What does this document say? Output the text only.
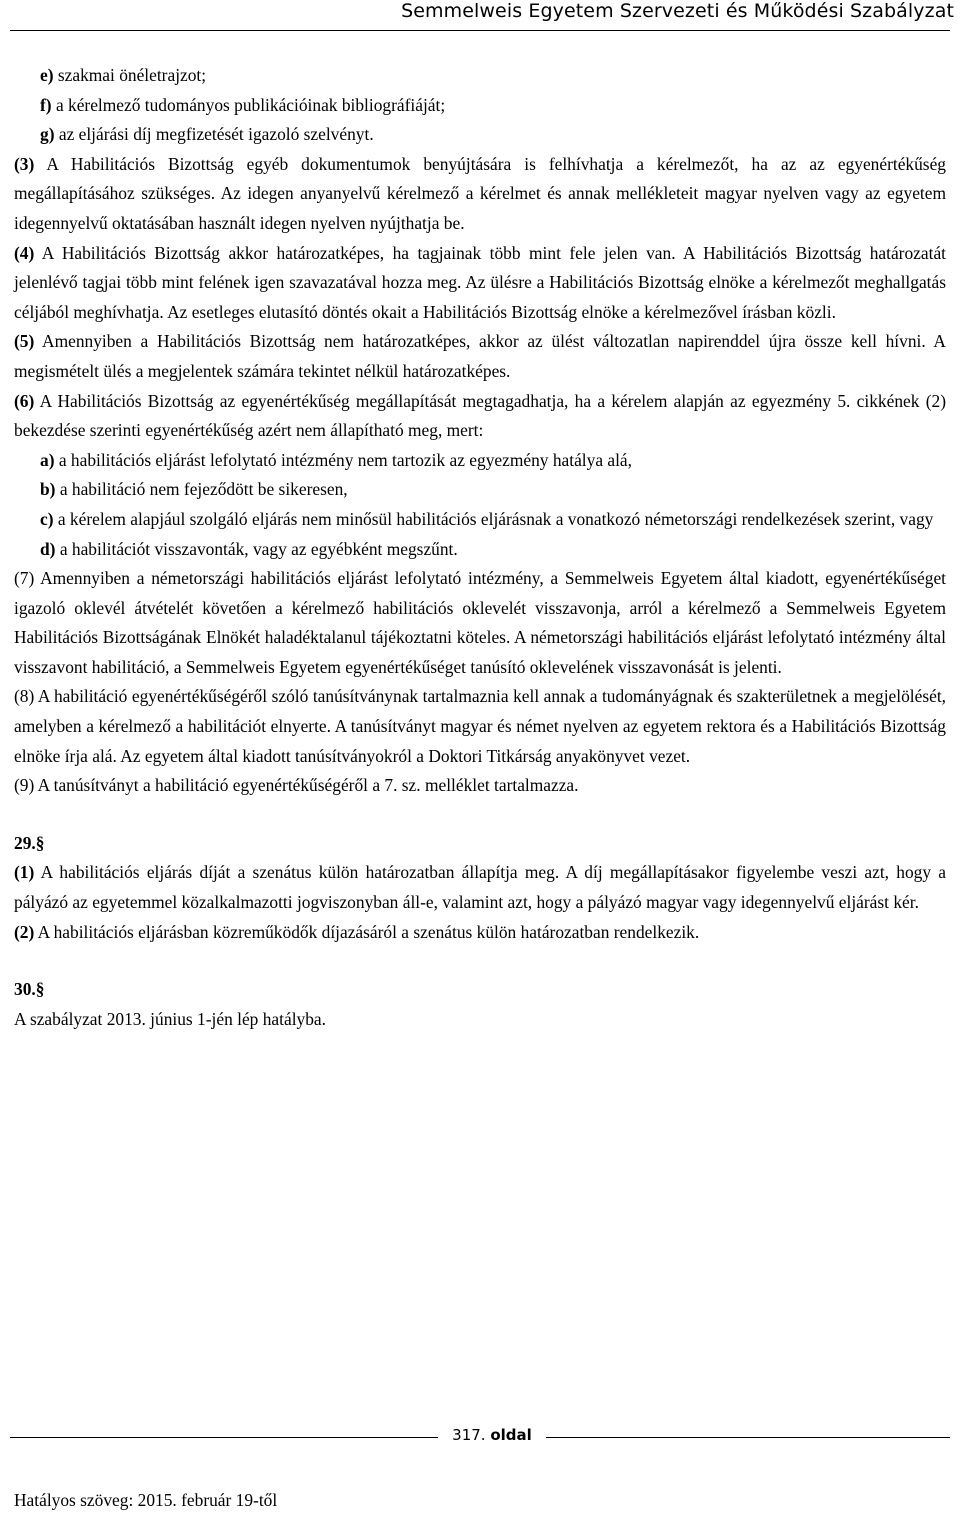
Semmelweis Egyetem Szervezeti és Működési Szabályzat

e) szakmai önéletrajzot;

f) a kérelmező tudományos publikációinak bibliográfiáját;

g) az eljárási díj megfizetését igazoló szelvényt.

(3) A Habilitációs Bizottság egyéb dokumentumok benyújtására is felhívhatja a kérelmezőt, ha az az egyenértékűség megállapításához szükséges. Az idegen anyanyelvű kérelmező a kérelmet és annak mellékleteit magyar nyelven vagy az egyetem idegennyelvű oktatásában használt idegen nyelven nyújthatja be.

(4) A Habilitációs Bizottság akkor határozatképes, ha tagjainak több mint fele jelen van. A Habilitációs Bizottság határozatát jelenlévő tagjai több mint felének igen szavazatával hozza meg. Az ülésre a Habilitációs Bizottság elnöke a kérelmezőt meghallgatás céljából meghívhatja. Az esetleges elutasító döntés okait a Habilitációs Bizottság elnöke a kérelmezővel írásban közli.

(5) Amennyiben a Habilitációs Bizottság nem határozatképes, akkor az ülést változatlan napirenddel újra össze kell hívni. A megismételt ülés a megjelentek számára tekintet nélkül határozatképes.

(6) A Habilitációs Bizottság az egyenértékűség megállapítását megtagadhatja, ha a kérelem alapján az egyezmény 5. cikkének (2) bekezdése szerinti egyenértékűség azért nem állapítható meg, mert:

a) a habilitációs eljárást lefolytató intézmény nem tartozik az egyezmény hatálya alá,

b) a habilitáció nem fejeződött be sikeresen,

c) a kérelem alapjául szolgáló eljárás nem minősül habilitációs eljárásnak a vonatkozó németországi rendelkezések szerint, vagy

d) a habilitációt visszavonták, vagy az egyébként megszűnt.

(7) Amennyiben a németországi habilitációs eljárást lefolytató intézmény, a Semmelweis Egyetem által kiadott, egyenértékűséget igazoló oklevél átvételét követően a kérelmező habilitációs oklevelét visszavonja, arról a kérelmező a Semmelweis Egyetem Habilitációs Bizottságának Elnökét haladéktalanul tájékoztatni köteles. A németországi habilitációs eljárást lefolytató intézmény által visszavont habilitáció, a Semmelweis Egyetem egyenértékűséget tanúsító oklevelének visszavonását is jelenti.

(8) A habilitáció egyenértékűségéről szóló tanúsítványnak tartalmaznia kell annak a tudományágnak és szakterületnek a megjelölését, amelyben a kérelmező a habilitációt elnyerte. A tanúsítványt magyar és német nyelven az egyetem rektora és a Habilitációs Bizottság elnöke írja alá. Az egyetem által kiadott tanúsítványokról a Doktori Titkárság anyakönyvet vezet.

(9) A tanúsítványt a habilitáció egyenértékűségéről a 7. sz. melléklet tartalmazza.

29.§

(1) A habilitációs eljárás díját a szenátus külön határozatban állapítja meg. A díj megállapításakor figyelembe veszi azt, hogy a pályázó az egyetemmel közalkalmazotti jogviszonyban áll-e, valamint azt, hogy a pályázó magyar vagy idegennyelvű eljárást kér.

(2) A habilitációs eljárásban közreműködők díjazásáról a szenátus külön határozatban rendelkezik.

30.§

A szabályzat 2013. június 1-jén lép hatályba.

317. oldal
Hatályos szöveg: 2015. február 19-től
